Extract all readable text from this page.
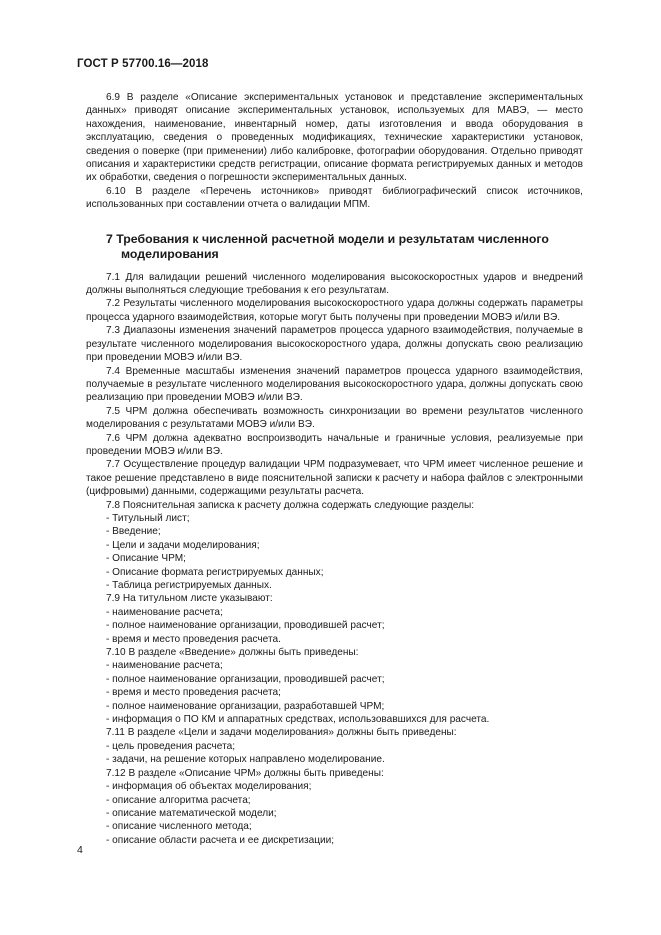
ГОСТ Р 57700.16—2018

6.9 В разделе «Описание экспериментальных установок и представление экспериментальных данных» приводят описание экспериментальных установок, используемых для МАВЭ, — место нахождения, наименование, инвентарный номер, даты изготовления и ввода оборудования в эксплуатацию, сведения о проведенных модификациях, технические характеристики установок, сведения о поверке (при применении) либо калибровке, фотографии оборудования. Отдельно приводят описания и характеристики средств регистрации, описание формата регистрируемых данных и методов их обработки, сведения о погрешности экспериментальных данных.

6.10 В разделе «Перечень источников» приводят библиографический список источников, использованных при составлении отчета о валидации МПМ.

7 Требования к численной расчетной модели и результатам численного
моделирования

7.1 Для валидации решений численного моделирования высокоскоростных ударов и внедрений должны выполняться следующие требования к его результатам.

7.2 Результаты численного моделирования высокоскоростного удара должны содержать параметры процесса ударного взаимодействия, которые могут быть получены при проведении МОВЭ и/или ВЭ.

7.3 Диапазоны изменения значений параметров процесса ударного взаимодействия, получаемые в результате численного моделирования высокоскоростного удара, должны допускать свою реализацию при проведении МОВЭ и/или ВЭ.

7.4 Временные масштабы изменения значений параметров процесса ударного взаимодействия, получаемые в результате численного моделирования высокоскоростного удара, должны допускать свою реализацию при проведении МОВЭ и/или ВЭ.

7.5 ЧРМ должна обеспечивать возможность синхронизации во времени результатов численного моделирования с результатами МОВЭ и/или ВЭ.

7.6 ЧРМ должна адекватно воспроизводить начальные и граничные условия, реализуемые при проведении МОВЭ и/или ВЭ.

7.7 Осуществление процедур валидации ЧРМ подразумевает, что ЧРМ имеет численное решение и такое решение представлено в виде пояснительной записки к расчету и набора файлов с электронными (цифровыми) данными, содержащими результаты расчета.

7.8 Пояснительная записка к расчету должна содержать следующие разделы:

- Титульный лист;

- Введение;

- Цели и задачи моделирования;

- Описание ЧРМ;

- Описание формата регистрируемых данных;

- Таблица регистрируемых данных.

7.9 На титульном листе указывают:

- наименование расчета;

- полное наименование организации, проводившей расчет;

- время и место проведения расчета.

7.10 В разделе «Введение» должны быть приведены:

- наименование расчета;

- полное наименование организации, проводившей расчет;

- время и место проведения расчета;

- полное наименование организации, разработавшей ЧРМ;

- информация о ПО КМ и аппаратных средствах, использовавшихся для расчета.

7.11 В разделе «Цели и задачи моделирования» должны быть приведены:

- цель проведения расчета;

- задачи, на решение которых направлено моделирование.

7.12 В разделе «Описание ЧРМ» должны быть приведены:

- информация об объектах моделирования;

- описание алгоритма расчета;

- описание математической модели;

- описание численного метода;

- описание области расчета и ее дискретизации;

4
